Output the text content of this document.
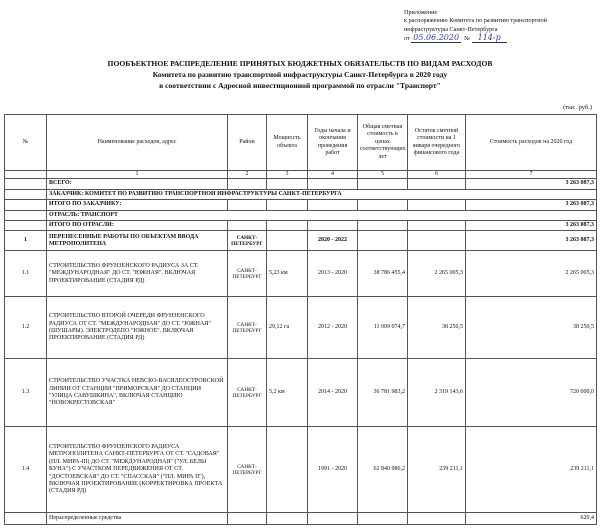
Приложение
к распоряжению Комитета по развитию транспортной
инфраструктуры Санкт-Петербурга
от 05.06.2020 № 114-р
ПООБЪЕКТНОЕ РАСПРЕДЕЛЕНИЕ ПРИНЯТЫХ БЮДЖЕТНЫХ ОБЯЗАТЕЛЬСТВ ПО ВИДАМ РАСХОДОВ
Комитета по развитию транспортной инфраструктуры Санкт-Петербурга в 2020 году
в соответствии с Адресной инвестиционной программой по отрасли "Транспорт"
(тыс. руб.)
№	Наименование расходов, адрес	Район	Мощность объекта	Годы начала и окончания проведения работ	Общая сметная стоимость в ценах соответствующих лет	Остаток сметной стоимости на 1 января очередного финансового года	Стоимость расходов на 2020 год
	1	2	3	4	5	6	7
	ВСЕГО:						3 263 087,3
	ЗАКАЗЧИК: КОМИТЕТ ПО РАЗВИТИЮ ТРАНСПОРТНОЙ ИНФРАСТРУКТУРЫ САНКТ-ПЕТЕРБУРГА						
	ИТОГО ПО ЗАКАЗЧИКУ:						3 263 087,3
	ОТРАСЛЬ: ТРАНСПОРТ						
	ИТОГО ПО ОТРАСЛИ:						3 263 087,3
1	ПЕРЕНЕСЕННЫЕ РАБОТЫ ПО ОБЪЕКТАМ ВВОДА МЕТРОПОЛИТЕНА	САНКТ-ПЕТЕРБУРГ		2020 - 2022			3 263 087,3
1.1	СТРОИТЕЛЬСТВО ФРУНЗЕНСКОГО РАДИУСА ЗА СТ. "МЕЖДУНАРОДНАЯ" ДО СТ. "ЮЖНАЯ". ВКЛЮЧАЯ ПРОЕКТИРОВАНИЕ (СТАДИЯ РД)	САНКТ-ПЕТЕРБУРГ	5,23 км	2013 - 2020	38 786 455,4	2 265 005,3	2 265 005,3
1.2	СТРОИТЕЛЬСТВО ВТОРОЙ ОЧЕРЕДИ ФРУНЗЕНСКОГО РАДИУСА ОТ СТ. "МЕЖДУНАРОДНАЯ" ДО СТ. "ЮЖНАЯ" (ШУШАРЫ). ЭЛЕКТРОДЕПО "ЮЖНОЕ". ВКЛЮЧАЯ ПРОЕКТИРОВАНИЕ (СТАДИЯ РД)	САНКТ-ПЕТЕРБУРГ	29,12 га	2012 - 2020	11 009 074,7	38 250,5	38 250,5
1.3	СТРОИТЕЛЬСТВО УЧАСТКА НЕВСКО-ВАСИЛЕОСТРОВСКОЙ ЛИНИИ ОТ СТАНЦИИ "ПРИМОРСКАЯ" ДО СТАНЦИИ "УЛИЦА САВУШКИНА", ВКЛЮЧАЯ СТАНЦИЮ "НОВОКРЕСТОВСКАЯ"	САНКТ-ПЕТЕРБУРГ	5,2 км	2014 - 2020	36 781 983,2	2 319 143,6	720 000,0
1.4	СТРОИТЕЛЬСТВО ФРУНЗЕНСКОГО РАДИУСА МЕТРОПОЛИТЕНА САНКТ-ПЕТЕРБУРГА ОТ СТ. "САДОВАЯ" (ПЛ. МИРА-III) ДО СТ. "МЕЖДУНАРОДНАЯ" ("УЛ. БЕЛЫ КУНА") С УЧАСТКОМ ПЕРЕДВИЖЕНИЯ ОТ СТ. "ДОСТОЕВСКАЯ" ДО СТ. "СПАССКАЯ" ("ПЛ. МИРА II"), ВКЛЮЧАЯ ПРОЕКТИРОВАНИЕ (КОРРЕКТИРОВКА ПРОЕКТА (СТАДИЯ РД)	САНКТ-ПЕТЕРБУРГ		1991 - 2020	62 840 986,2	239 211,1	239 211,1
	Нераспределенные средства						620,4
